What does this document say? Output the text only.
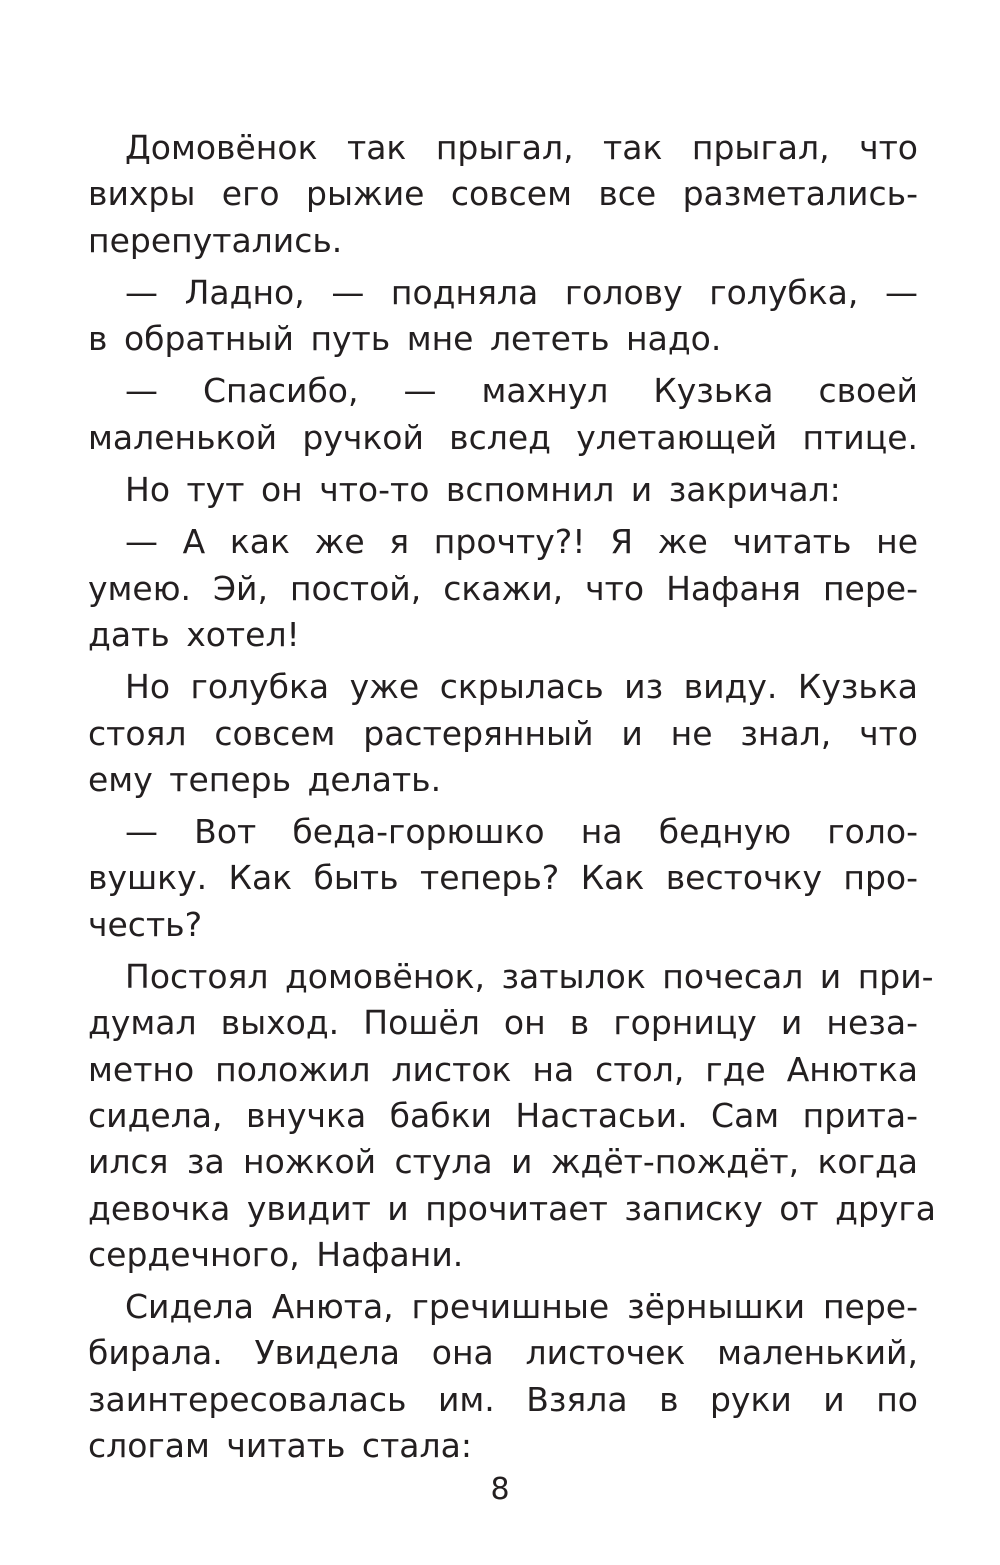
Домовёнок так прыгал, так прыгал, что
вихры его рыжие совсем все разметались-
перепутались.

— Ладно, — подняла голову голубка, —
в обратный путь мне лететь надо.

— Спасибо, — махнул Кузька своей
маленькой ручкой вслед улетающей птице.

Но тут он что-то вспомнил и закричал:

— А как же я прочту?! Я же читать не
умею. Эй, постой, скажи, что Нафаня пере-
дать хотел!

Но голубка уже скрылась из виду. Кузька
стоял совсем растерянный и не знал, что
ему теперь делать.

— Вот беда-горюшко на бедную голо-
вушку. Как быть теперь? Как весточку про-
честь?

Постоял домовёнок, затылок почесал и при-
думал выход. Пошёл он в горницу и неза-
метно положил листок на стол, где Анютка
сидела, внучка бабки Настасьи. Сам прита-
ился за ножкой стула и ждёт-пождёт, когда
девочка увидит и прочитает записку от друга
сердечного, Нафани.

Сидела Анюта, гречишные зёрнышки пере-
бирала. Увидела она листочек маленький,
заинтересовалась им. Взяла в руки и по
слогам читать стала:

8
